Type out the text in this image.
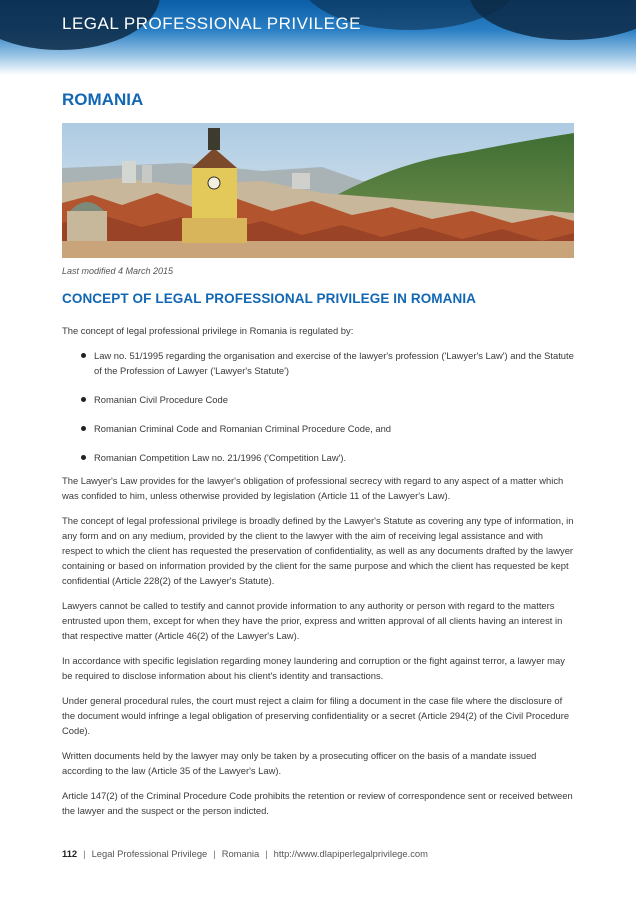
LEGAL PROFESSIONAL PRIVILEGE
ROMANIA
Last modified 4 March 2015
CONCEPT OF LEGAL PROFESSIONAL PRIVILEGE IN ROMANIA

The concept of legal professional privilege in Romania is regulated by:

Law no. 51/1995 regarding the organisation and exercise of the lawyer's profession ('Lawyer's Law') and the Statute of the Profession of Lawyer ('Lawyer's Statute')
Romanian Civil Procedure Code
Romanian Criminal Code and Romanian Criminal Procedure Code, and
Romanian Competition Law no. 21/1996 ('Competition Law').

The Lawyer's Law provides for the lawyer's obligation of professional secrecy with regard to any aspect of a matter which was confided to him, unless otherwise provided by legislation (Article 11 of the Lawyer's Law).

The concept of legal professional privilege is broadly defined by the Lawyer's Statute as covering any type of information, in any form and on any medium, provided by the client to the lawyer with the aim of receiving legal assistance and with respect to which the client has requested the preservation of confidentiality, as well as any documents drafted by the lawyer containing or based on information provided by the client for the same purpose and which the client has requested be kept confidential (Article 228(2) of the Lawyer's Statute).

Lawyers cannot be called to testify and cannot provide information to any authority or person with regard to the matters entrusted upon them, except for when they have the prior, express and written approval of all clients having an interest in that respective matter (Article 46(2) of the Lawyer's Law).

In accordance with specific legislation regarding money laundering and corruption or the fight against terror, a lawyer may be required to disclose information about his client's identity and transactions.

Under general procedural rules, the court must reject a claim for filing a document in the case file where the disclosure of the document would infringe a legal obligation of preserving confidentiality or a secret (Article 294(2) of the Civil Procedure Code).

Written documents held by the lawyer may only be taken by a prosecuting officer on the basis of a mandate issued according to the law (Article 35 of the Lawyer's Law).

Article 147(2) of the Criminal Procedure Code prohibits the retention or review of correspondence sent or received between the lawyer and the suspect or the person indicted.

112 | Legal Professional Privilege | Romania | http://www.dlapiperlegalprivilege.com
